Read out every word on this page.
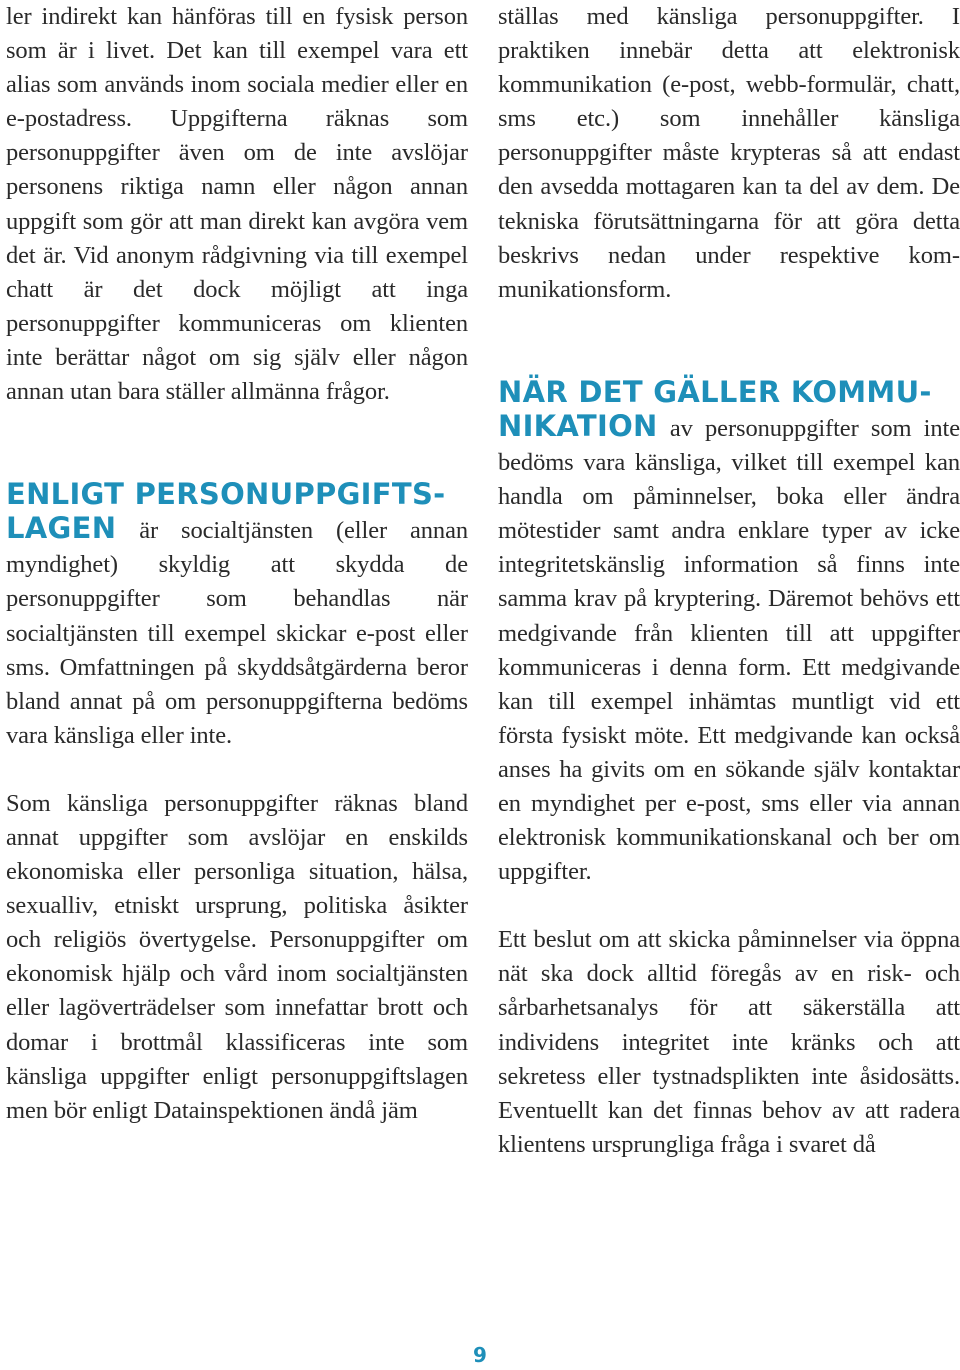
ler indirekt kan hänföras till en fysisk person som är i livet. Det kan till exempel vara ett alias som används inom sociala medier eller en e-postadress. Uppgifterna räknas som personuppgifter även om de inte avslöjar personens riktiga namn eller någon annan uppgift som gör att man direkt kan avgöra vem det är. Vid anonym rådgivning via till exempel chatt är det dock möjligt att inga personuppgifter kommuniceras om klienten inte berättar något om sig själv eller någon annan utan bara ställer allmänna frågor.

ENLIGT PERSONUPPGIFTS-
LAGEN är socialtjänsten (eller annan myndighet) skyldig att skydda de personuppgifter som behandlas när socialtjänsten till exempel skickar e-post eller sms. Omfattningen på skyddsåtgärderna beror bland annat på om personuppgifterna bedöms vara känsliga eller inte.

Som känsliga personuppgifter räknas bland annat uppgifter som avslöjar en enskilds ekonomiska eller personliga situation, hälsa, sexualliv, etniskt ursprung, politiska åsikter och religiös övertygelse. Personuppgifter om ekonomisk hjälp och vård inom socialtjänsten eller lagöverträdelser som innefattar brott och domar i brottmål klassificeras inte som känsliga uppgifter enligt personuppgiftslagen men bör enligt Datainspektionen ändå jäm

ställas med känsliga personuppgifter. I praktiken innebär detta att elektronisk kommunikation (e-post, webb-formulär, chatt, sms etc.) som innehåller känsliga personuppgifter måste krypteras så att endast den avsedda mottagaren kan ta del av dem. De tekniska förutsättningarna för att göra detta beskrivs nedan under respektive kommunikationsform.

NÄR DET GÄLLER KOMMU-
NIKATION av personuppgifter som inte bedöms vara känsliga, vilket till exempel kan handla om påminnelser, boka eller ändra mötestider samt andra enklare typer av icke integritetskänslig information så finns inte samma krav på kryptering. Däremot behövs ett medgivande från klienten till att uppgifter kommuniceras i denna form. Ett medgivande kan till exempel inhämtas muntligt vid ett första fysiskt möte. Ett medgivande kan också anses ha givits om en sökande själv kontaktar en myndighet per e-post, sms eller via annan elektronisk kommunikationskanal och ber om uppgifter.

Ett beslut om att skicka påminnelser via öppna nät ska dock alltid föregås av en risk- och sårbarhetsanalys för att säkerställa att individens integritet inte kränks och att sekretess eller tystnadsplikten inte åsidosätts. Eventuellt kan det finnas behov av att radera klientens ursprungliga fråga i svaret då

9
